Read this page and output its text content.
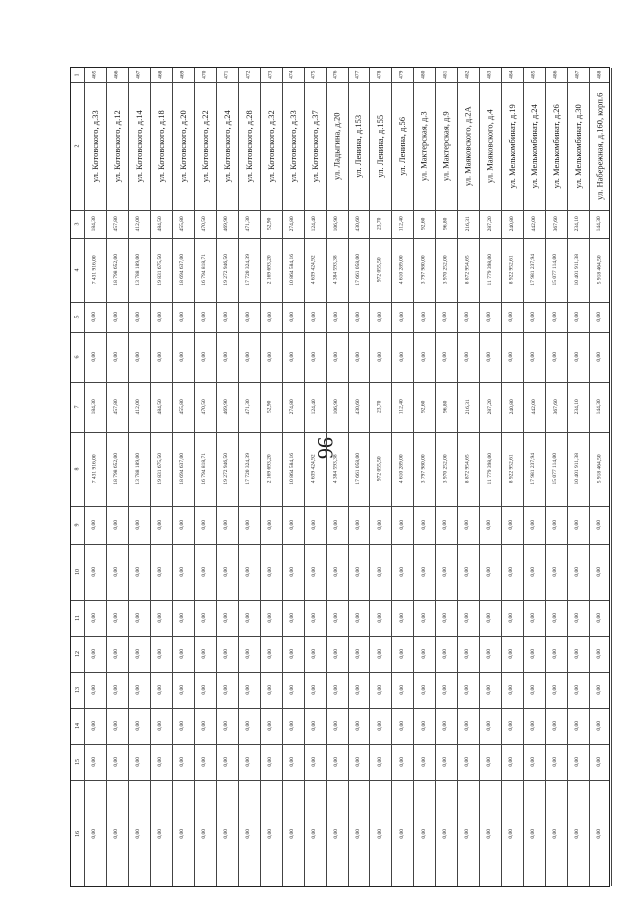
96
1
2
3
4
5
6
7
8
9
10
11
12
13
14
15
16
465
ул. Котовского, д.33
184,30
7 431 916,00
0,00
0,00
184,30
7 431 916,00
0,00
0,00
0,00
0,00
0,00
0,00
0,00
0,00
466
ул. Котовского, д.12
457,80
18 798 652,00
0,00
0,00
457,80
18 798 652,00
0,00
0,00
0,00
0,00
0,00
0,00
0,00
0,00
467
ул. Котовского, д.14
412,00
13 788 189,00
0,00
0,00
412,00
13 788 189,00
0,00
0,00
0,00
0,00
0,00
0,00
0,00
0,00
468
ул. Котовского, д.18
484,50
19 831 675,50
0,00
0,00
484,50
19 831 675,50
0,00
0,00
0,00
0,00
0,00
0,00
0,00
0,00
469
ул. Котовского, д.20
455,80
18 694 637,00
0,00
0,00
455,80
18 694 637,00
0,00
0,00
0,00
0,00
0,00
0,00
0,00
0,00
470
ул. Котовского, д.22
470,50
16 794 818,71
0,00
0,00
470,50
16 794 818,71
0,00
0,00
0,00
0,00
0,00
0,00
0,00
0,00
471
ул. Котовского, д.24
469,90
19 272 946,50
0,00
0,00
469,90
19 272 946,50
0,00
0,00
0,00
0,00
0,00
0,00
0,00
0,00
472
ул. Котовского, д.28
471,30
17 720 324,39
0,00
0,00
471,30
17 720 324,39
0,00
0,00
0,00
0,00
0,00
0,00
0,00
0,00
473
ул. Котовского, д.32
52,90
2 169 693,20
0,00
0,00
52,90
2 169 693,20
0,00
0,00
0,00
0,00
0,00
0,00
0,00
0,00
474
ул. Котовского, д.33
274,80
10 864 584,16
0,00
0,00
274,80
10 864 584,16
0,00
0,00
0,00
0,00
0,00
0,00
0,00
0,00
475
ул. Котовского, д.37
124,40
4 639 424,92
0,00
0,00
124,40
4 639 424,92
0,00
0,00
0,00
0,00
0,00
0,00
0,00
0,00
476
ул. Ладыгина, д.20
106,90
4 384 593,38
0,00
0,00
106,90
4 384 593,38
0,00
0,00
0,00
0,00
0,00
0,00
0,00
0,00
477
ул. Ленина, д.153
430,60
17 661 058,00
0,00
0,00
430,60
17 661 058,00
0,00
0,00
0,00
0,00
0,00
0,00
0,00
0,00
478
ул. Ленина, д.155
23,70
972 055,50
0,00
0,00
23,70
972 055,50
0,00
0,00
0,00
0,00
0,00
0,00
0,00
0,00
479
ул. Ленина, д.56
112,40
4 610 289,00
0,00
0,00
112,40
4 610 289,00
0,00
0,00
0,00
0,00
0,00
0,00
0,00
0,00
480
ул. Мактерская, д.3
92,60
3 797 980,00
0,00
0,00
92,60
3 797 980,00
0,00
0,00
0,00
0,00
0,00
0,00
0,00
0,00
481
ул. Мактерская, д.9
96,80
3 970 252,00
0,00
0,00
96,80
3 970 252,00
0,00
0,00
0,00
0,00
0,00
0,00
0,00
0,00
482
ул. Маяковского, д.2А
216,31
8 872 954,65
0,00
0,00
216,31
8 872 954,65
0,00
0,00
0,00
0,00
0,00
0,00
0,00
0,00
483
ул. Маяковского, д.4
287,20
11 779 398,00
0,00
0,00
287,20
11 779 398,00
0,00
0,00
0,00
0,00
0,00
0,00
0,00
0,00
484
ул. Мелькомбинат, д.19
240,80
8 922 952,61
0,00
0,00
240,80
8 922 952,61
0,00
0,00
0,00
0,00
0,00
0,00
0,00
0,00
485
ул. Мелькомбинат, д.24
442,00
17 981 237,94
0,00
0,00
442,00
17 981 237,94
0,00
0,00
0,00
0,00
0,00
0,00
0,00
0,00
486
ул. Мелькомбинат, д.26
367,60
15 077 114,00
0,00
0,00
367,60
15 077 114,00
0,00
0,00
0,00
0,00
0,00
0,00
0,00
0,00
487
ул. Мелькомбинат, д.30
234,10
10 401 911,38
0,00
0,00
234,10
10 401 911,38
0,00
0,00
0,00
0,00
0,00
0,00
0,00
0,00
488
ул. Набережная, д.160, корп.6
144,30
5 918 464,50
0,00
0,00
144,30
5 918 464,50
0,00
0,00
0,00
0,00
0,00
0,00
0,00
0,00
